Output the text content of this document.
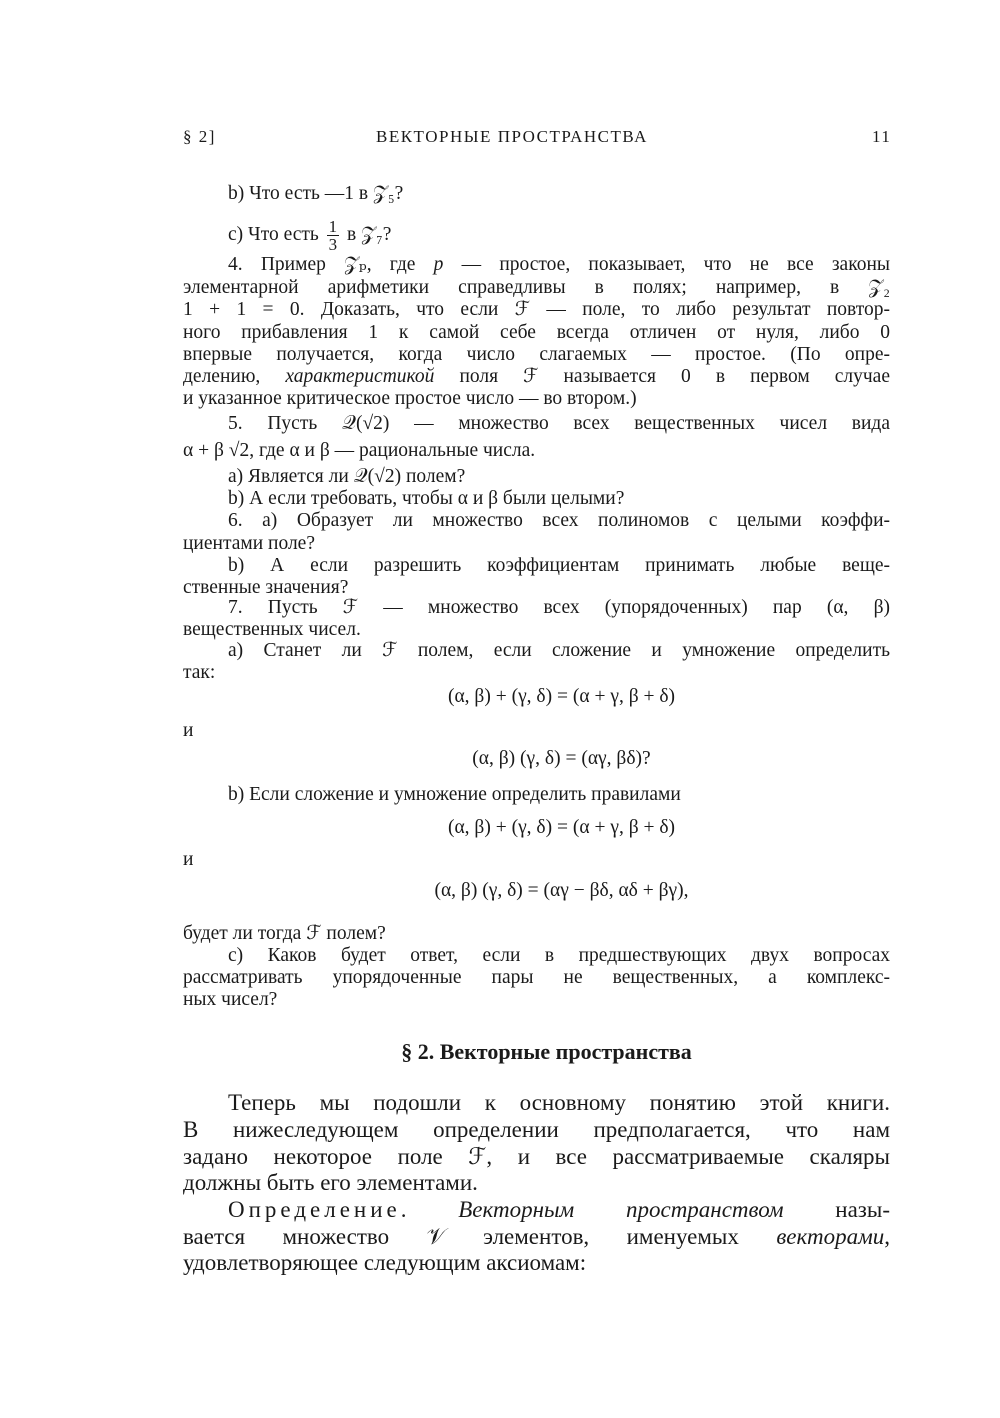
§ 2]	ВЕКТОРНЫЕ ПРОСТРАНСТВА	11
b) Что есть —1 в 𝒵₅?
c) Что есть $\frac{1}{3}$ в 𝒵₇?
4. Пример 𝒵ₚ, где p — простое, показывает, что не все законы
элементарной арифметики справедливы в полях; например, в 𝒵₂
1 + 1 = 0. Доказать, что если ℱ — поле, то либо результат повтор-
ного прибавления 1 к самой себе всегда отличен от нуля, либо 0
впервые получается, когда число слагаемых — простое. (По опре-
делению, характеристикой поля ℱ называется 0 в первом случае
и указанное критическое простое число — во втором.)
5. Пусть 𝒬(√2) — множество всех вещественных чисел вида
α + β √2, где α и β — рациональные числа.
a) Является ли 𝒬(√2) полем?
b) А если требовать, чтобы α и β были целыми?
6. a) Образует ли множество всех полиномов с целыми коэффи-
циентами поле?
b) А если разрешить коэффициентам принимать любые веще-
ственные значения?
7. Пусть ℱ — множество всех (упорядоченных) пар (α, β)
вещественных чисел.
a) Станет ли ℱ полем, если сложение и умножение определить
так:
(α, β) + (γ, δ) = (α + γ, β + δ)
и
(α, β) (γ, δ) = (αγ, βδ)?
b) Если сложение и умножение определить правилами
(α, β) + (γ, δ) = (α + γ, β + δ)
и
(α, β) (γ, δ) = (αγ − βδ, αδ + βγ),
будет ли тогда ℱ полем?
c) Каков будет ответ, если в предшествующих двух вопросах
рассматривать упорядоченные пары не вещественных, а комплекс-
ных чисел?
§ 2. Векторные пространства
Теперь мы подошли к основному понятию этой книги.
В нижеследующем определении предполагается, что нам
задано некоторое поле ℱ, и все рассматриваемые скаляры
должны быть его элементами.
Определение. Векторным пространством назы-
вается множество 𝒱 элементов, именуемых векторами,
удовлетворяющее следующим аксиомам:
